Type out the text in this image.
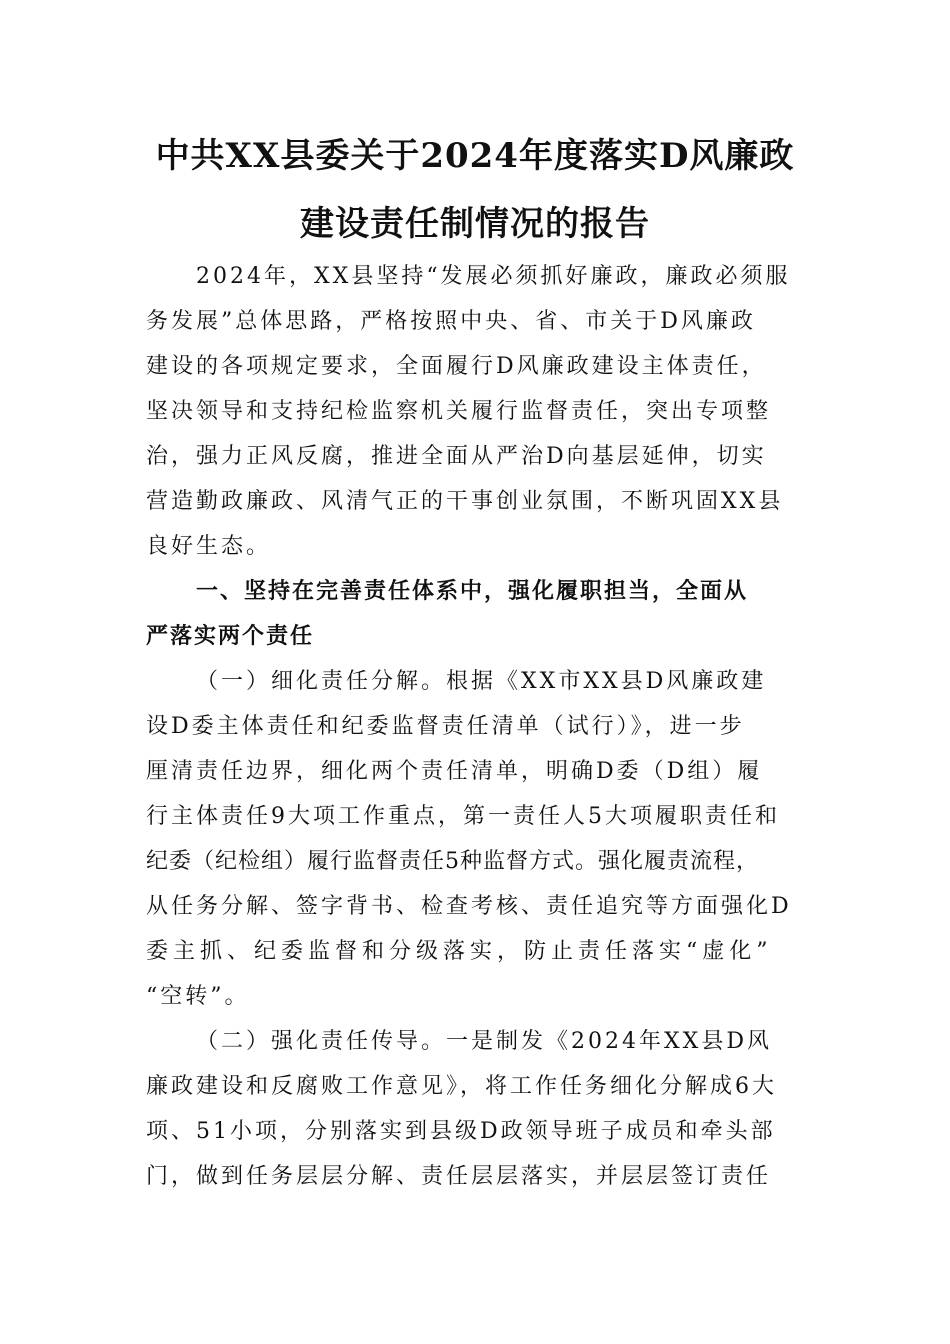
中共XX县委关于2024年度落实D风廉政
建设责任制情况的报告
2024年，XX县坚持“发展必须抓好廉政，廉政必须服
务发展”总体思路，严格按照中央、省、市关于D风廉政
建设的各项规定要求，全面履行D风廉政建设主体责任，
坚决领导和支持纪检监察机关履行监督责任，突出专项整
治，强力正风反腐，推进全面从严治D向基层延伸，切实
营造勤政廉政、风清气正的干事创业氛围，不断巩固XX县
良好生态。
一、坚持在完善责任体系中，强化履职担当，全面从
严落实两个责任
（一）细化责任分解。根据《XX市XX县D风廉政建
设D委主体责任和纪委监督责任清单（试行）》，进一步
厘清责任边界，细化两个责任清单，明确D委（D组）履
行主体责任9大项工作重点，第一责任人5大项履职责任和
纪委（纪检组）履行监督责任5种监督方式。强化履责流程，
从任务分解、签字背书、检查考核、责任追究等方面强化D
委主抓、纪委监督和分级落实，防止责任落实“虚化”
“空转”。
（二）强化责任传导。一是制发《2024年XX县D风
廉政建设和反腐败工作意见》，将工作任务细化分解成6大
项、51小项，分别落实到县级D政领导班子成员和牵头部
门，做到任务层层分解、责任层层落实，并层层签订责任
